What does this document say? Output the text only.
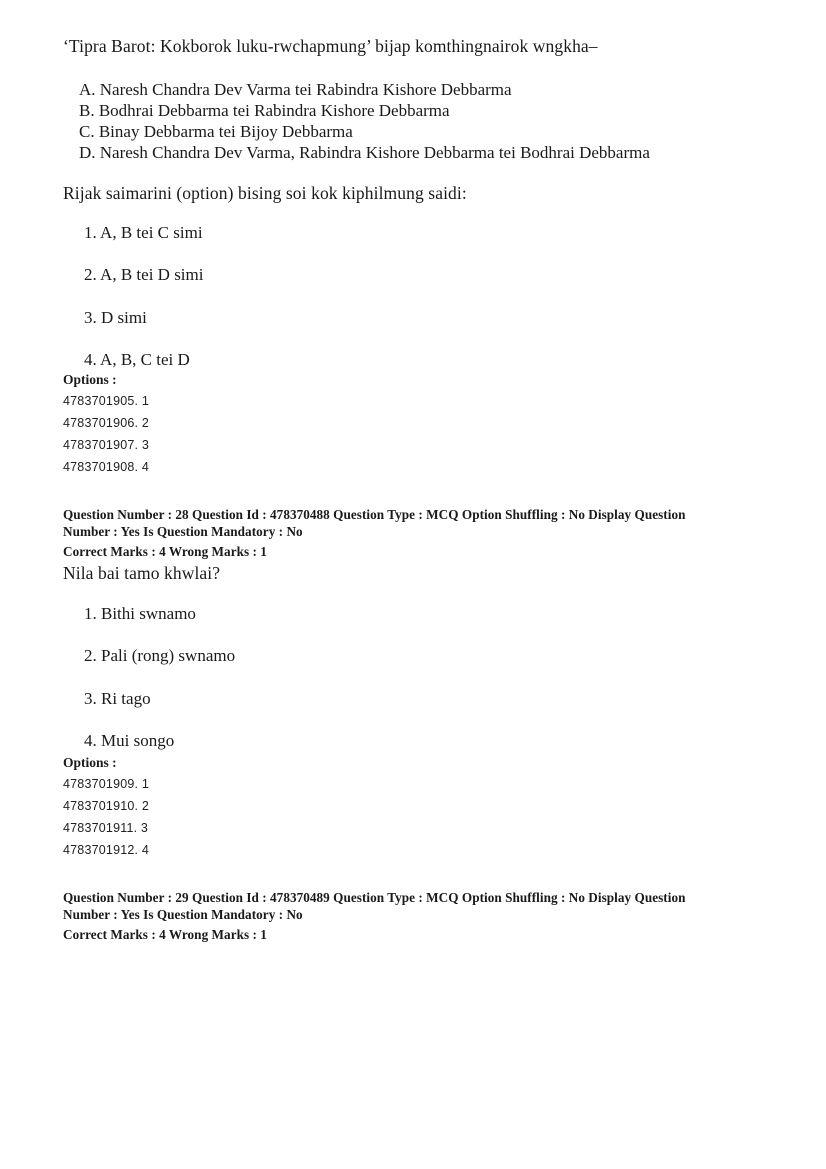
‘Tipra Barot: Kokborok luku-rwchapmung’ bijap komthingnairok wngkha–
A. Naresh Chandra Dev Varma tei Rabindra Kishore Debbarma
B. Bodhrai Debbarma tei Rabindra Kishore Debbarma
C. Binay Debbarma tei Bijoy Debbarma
D. Naresh Chandra Dev Varma, Rabindra Kishore Debbarma tei Bodhrai Debbarma
Rijak saimarini (option) bising soi kok kiphilmung saidi:
1. A, B tei C simi
2. A, B tei D simi
3. D simi
4. A, B, C tei D
Options :
4783701905. 1
4783701906. 2
4783701907. 3
4783701908. 4
Question Number : 28 Question Id : 478370488 Question Type : MCQ Option Shuffling : No Display Question
Number : Yes Is Question Mandatory : No
Correct Marks : 4 Wrong Marks : 1
Nila bai tamo khwlai?
1. Bithi swnamo
2. Pali (rong) swnamo
3. Ri tago
4. Mui songo
Options :
4783701909. 1
4783701910. 2
4783701911. 3
4783701912. 4
Question Number : 29 Question Id : 478370489 Question Type : MCQ Option Shuffling : No Display Question
Number : Yes Is Question Mandatory : No
Correct Marks : 4 Wrong Marks : 1
